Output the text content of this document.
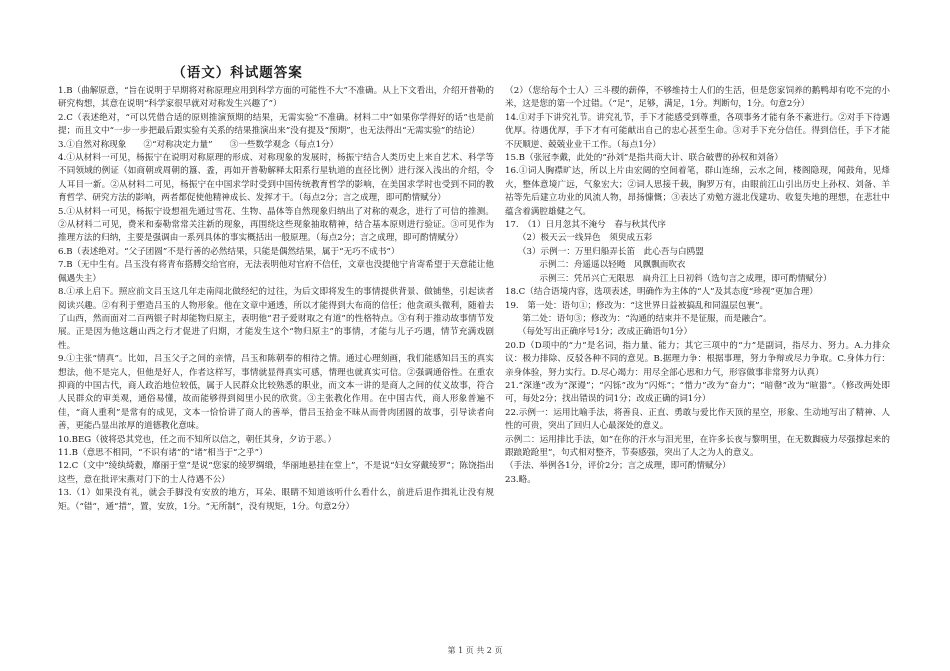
（语文）科试题答案

1.B（曲解原意，“旨在说明于早期将对称原理应用到科学方面的可能性不大”不准确。从上下文看出，介绍开普勒的研究构想，其意在说明“科学家很早就对对称发生兴趣了”）

2.C（表述绝对，“可以凭借合适的原则推演预期的结果，无需实验”不准确。材料二中“如果你学得好的话”也是前提；而且文中“一步一步把最后跟实验有关系的结果推演出来”没有提及“预期”，也无法得出“无需实验”的结论）

3.①自然对称现象　　②“对称决定力量”　　③一些数学观念（每点1分）

4.①从材料一可见，杨振宁在说明对称原理的形成、对称现象的发展时，杨振宁结合人类历史上来自艺术、科学等不同领域的例证（如商朝或周朝的簋、盉，再如开普勒解释太阳系行星轨道的直径比例）进行深入浅出的介绍，令人耳目一新。②从材料二可见，杨振宁在中国求学时受到中国传统教育哲学的影响，在美国求学时也受到不同的教育哲学、研究方法的影响，两者都促使他精神成长、发挥才干。（每点2分；言之成理，即可酌情赋分）

5.①从材料一可见，杨振宁设想祖先通过雪花、生物、晶体等自然现象归纳出了对称的观念，进行了可信的推测。②从材料二可见，费米和泰勒常常关注新的现象，再围绕这些现象抽取精神，结合基本原则进行验证。③可见作为推理方法的归纳，主要是强调由一系列具体的事实概括出一般原理。（每点2分；言之成理，即可酌情赋分）

6.B（表述绝对。“父子团圆”不是行善的必然结果，只能是偶然结果，属于“无巧不成书”）

7.B（无中生有。吕玉没有将青布搭膊交给官府，无法表明他对官府不信任，文章也没提他宁肯寄希望于天意能让他佩遇失主）

8.①承上启下。照应前文吕玉这几年走南闯北做经纪的过往，为后文即将发生的事情提供背景、做铺垫，引起读者阅读兴趣。②有利于塑造吕玉的人物形象。他在文章中通透，所以才能得到大布商的信任；他贪顽头微利，随着去了山西，然而面对二百两银子时却能物归原主，表明他“君子爱财取之有道”的性格特点。③有利于推动故事情节发展。正是因为他这趟山西之行才促进了归期，才能发生这个“物归原主”的事情，才能与儿子巧遇，情节充满戏剧性。

9.①主张“情真”。比如，吕玉父子之间的亲情，吕玉和陈朝奉的相待之情。通过心理刻画，我们能感知吕玉的真实想法，他不是完人，但他是好人，作者这样写，事情就显得真实可感，情理也就真实可信。②强调通俗性。在重农抑商的中国古代，商人政治地位较低，属于人民群众比较熟悉的职业，而文本一讲的是商人之间的仗义故事，符合人民群众的审美观，通俗易懂，故而能够得到阅里小民的欣赏。③主张教化作用。在中国古代，商人形象普遍不佳，“商人重利”是常有的成见，文本一恰恰讲了商人的善举，借吕玉拾金不昧从而骨肉团圆的故事，引导读者向善，更能凸显出浓厚的道德教化意味。

10.BEG（彼将恐其党也，任之而不知所以信之，朝任其身，夕访于恶。）

11.B（意思不相同，“不识有诸”的“诸”相当于“之乎”）

12.C（文中“绫纨绮縠，靡丽于堂”是说“您家的绫罗绸缎，华丽地悬挂在堂上”，不是说“妇女穿戴绫罗”；陈饶指出这些，意在批评宋燕对门下的士人待遇不公）

13.（1）如果没有礼，就会手脚没有安放的地方，耳朵、眼睛不知道该听什么看什么，前进后退作揖礼让没有规矩。（“错”，通“措”，置，安放，1分。“无所制”，没有规矩，1分。句意2分）

（2）（您给每个士人）三斗稷的薪俸，不够维持士人们的生活，但是您家饲养的鹅鸭却有吃不完的小米，这是您的第一个过错。（“足”，足够，满足，1分。判断句，1分。句意2分）

14.①对手下讲究礼节。讲究礼节，手下才能感受到尊重，各项事务才能有条不紊进行。②对手下待遇优厚。待遇优厚，手下才有可能献出自己的忠心甚至生命。③对手下充分信任。得到信任，手下才能不厌顺逆、兢兢业业干工作。（每点1分）

15.B（张冠李戴，此处的“孙刘”是指共商大计、联合破曹的孙权和刘备）

16.①词人胸襟旷达，所以上片由宏阔的空间着笔，群山连绵，云水之间，楼阁隐现，闻鼓角，见烽火，整体意境广远，气象宏大；②词人思接千载，胸罗万有，由眼前江山引出历史上孙权、刘备、羊祜等先后建立功业的风流人物，昂扬慷慨；③表达了劝勉方滋北伐建功、收复失地的理想，在悲壮中蕴含着满腔雄健之气。

17.　（1）日月忽其不淹兮　春与秋其代序

　　（2）极天云一线异色　须臾成五彩

　　（3）示例一：万里归船弄长笛　此心吾与白鸥盟

　　　　示例二：舟遥遥以轻飏　风飘飘而吹衣

　　　　示例三：凭吊兴亡无限思　扁舟江上日初斜（选句言之成理，即可酌情赋分）

18.C（结合语境内容，选项表述，明确作为主体的“人”及其态度“珍视”更加合理）

19.　第一处：语句①；修改为：“这世界日益被搞乱和同温层包裹”。

　　第二处：语句③；修改为：“沟通的结束并不是征服，而是融合”。

　　（每处写出正确序号1分；改成正确语句1分）

20.D（D项中的“力”是名词，指力量、能力；其它三项中的“力”是副词，指尽力、努力。A.力排众议：极力排除、反驳各种不同的意见。B.据理力争：根据事理，努力争辩或尽力争取。C.身体力行：亲身体验，努力实行。D.尽心竭力：用尽全部心思和力气，形容做事非常努力认真）

21.“深逢”改为“深谩”；“闪铄”改为“闪烁”；“惜力”改为“奋力”；“暗罄”改为“暄嚣”。（修改两处即可，每处2分；找出错误的词1分；改成正确的词1分）

22.示例一：运用比喻手法，将善良、正直、勇敢与爱比作天顶的星空，形象、生动地写出了精神、人性的可贵，突出了回归人心最深处的意义。

示例二：运用排比手法，如“在你的汗水与泪光里，在许多长夜与黎明里，在无数踟疲力尽强撑起来的跟踉跄跄里”，句式相对整齐，节奏感强，突出了人之为人的意义。

（手法、举例各1分，评价2分；言之成理，即可酌情赋分）

23.略。

第 1 页 共 2 页
